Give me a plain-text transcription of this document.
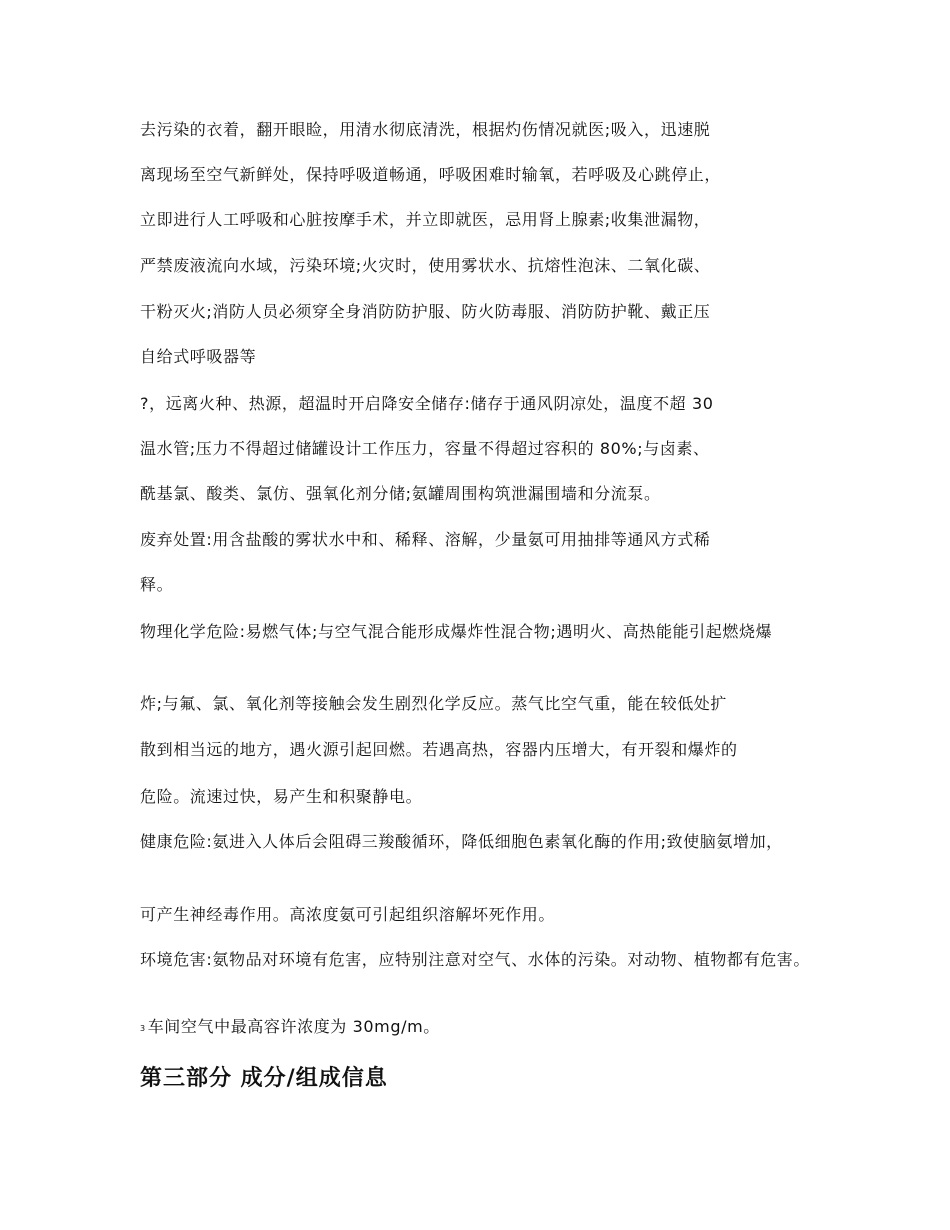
去污染的衣着，翻开眼睑，用清水彻底清洗，根据灼伤情况就医;吸入，迅速脱
离现场至空气新鲜处，保持呼吸道畅通，呼吸困难时输氧，若呼吸及心跳停止，
立即进行人工呼吸和心脏按摩手术，并立即就医，忌用肾上腺素;收集泄漏物，
严禁废液流向水域，污染环境;火灾时，使用雾状水、抗熔性泡沫、二氧化碳、
干粉灭火;消防人员必须穿全身消防防护服、防火防毒服、消防防护靴、戴正压
自给式呼吸器等
?，远离火种、热源，超温时开启降安全储存:储存于通风阴凉处，温度不超 30
温水管;压力不得超过储罐设计工作压力，容量不得超过容积的 80%;与卤素、
酰基氯、酸类、氯仿、强氧化剂分储;氨罐周围构筑泄漏围墙和分流泵。
废弃处置:用含盐酸的雾状水中和、稀释、溶解，少量氨可用抽排等通风方式稀
释。
物理化学危险:易燃气体;与空气混合能形成爆炸性混合物;遇明火、高热能能引起燃烧爆
炸;与氟、氯、氧化剂等接触会发生剧烈化学反应。蒸气比空气重，能在较低处扩
散到相当远的地方，遇火源引起回燃。若遇高热，容器内压增大，有开裂和爆炸的
危险。流速过快，易产生和积聚静电。
健康危险:氨进入人体后会阻碍三羧酸循环，降低细胞色素氧化酶的作用;致使脑氨增加，
可产生神经毒作用。高浓度氨可引起组织溶解坏死作用。
环境危害:氨物品对环境有危害，应特别注意对空气、水体的污染。对动物、植物都有危害。
3 车间空气中最高容许浓度为 30mg/m。
第三部分 成分/组成信息
